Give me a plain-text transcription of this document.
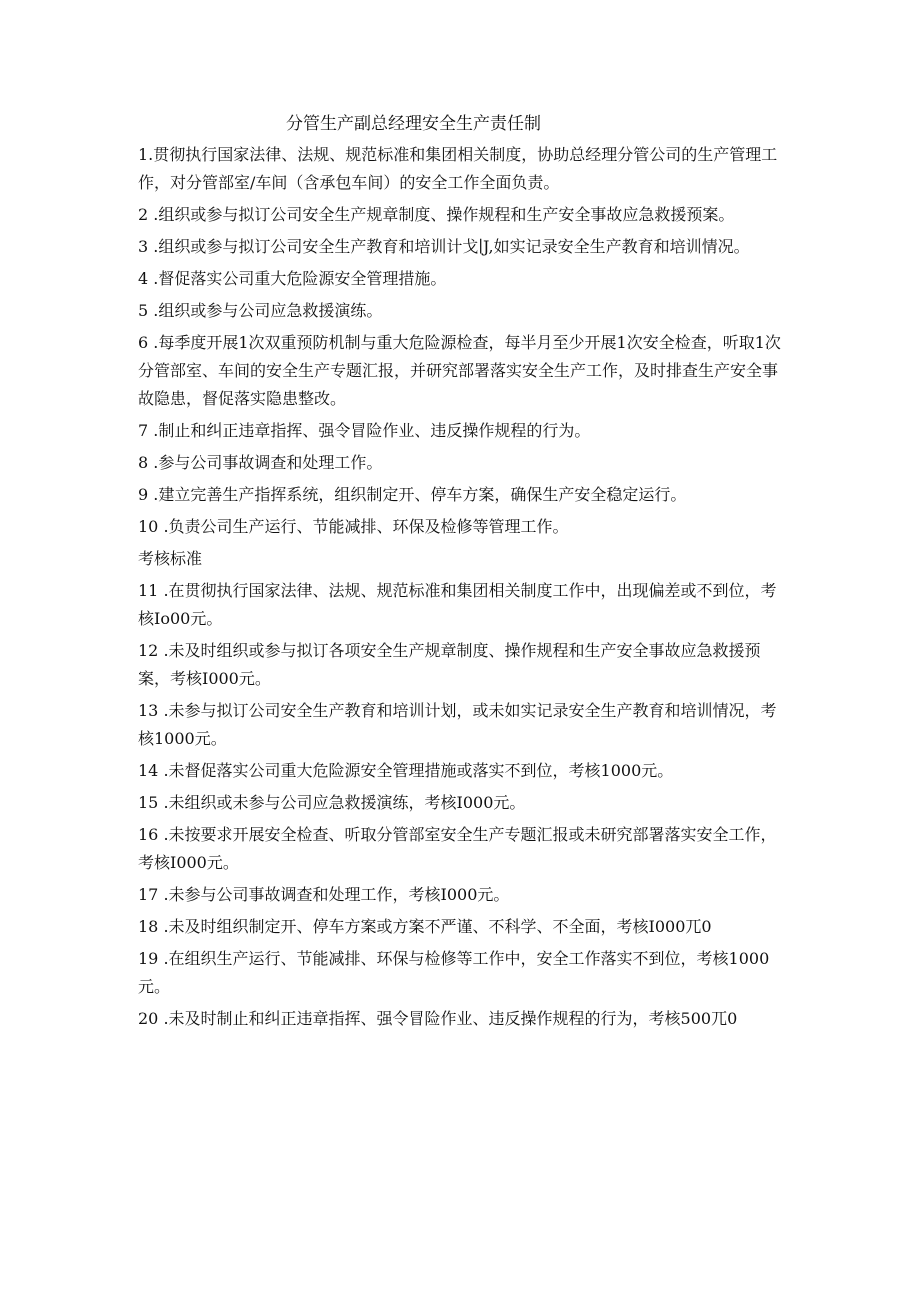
分管生产副总经理安全生产责任制

1.贯彻执行国家法律、法规、规范标准和集团相关制度，协助总经理分管公司的生产管理工作，对分管部室/车间（含承包车间）的安全工作全面负责。

2 .组织或参与拟订公司安全生产规章制度、操作规程和生产安全事故应急救援预案。

3 .组织或参与拟订公司安全生产教育和培训计戈∣J,如实记录安全生产教育和培训情况。

4 .督促落实公司重大危险源安全管理措施。

5 .组织或参与公司应急救援演练。

6 .每季度开展1次双重预防机制与重大危险源检查，每半月至少开展1次安全检查，听取1次分管部室、车间的安全生产专题汇报，并研究部署落实安全生产工作，及时排查生产安全事故隐患，督促落实隐患整改。

7 .制止和纠正违章指挥、强令冒险作业、违反操作规程的行为。

8 .参与公司事故调查和处理工作。

9 .建立完善生产指挥系统，组织制定开、停车方案，确保生产安全稳定运行。

10 .负责公司生产运行、节能减排、环保及检修等管理工作。

考核标准

11 .在贯彻执行国家法律、法规、规范标准和集团相关制度工作中，出现偏差或不到位，考核Io00元。

12 .未及时组织或参与拟订各项安全生产规章制度、操作规程和生产安全事故应急救援预案，考核I000元。

13 .未参与拟订公司安全生产教育和培训计划，或未如实记录安全生产教育和培训情况，考核1000元。

14 .未督促落实公司重大危险源安全管理措施或落实不到位，考核1000元。

15 .未组织或未参与公司应急救援演练，考核I000元。

16 .未按要求开展安全检查、听取分管部室安全生产专题汇报或未研究部署落实安全工作，考核I000元。

17 .未参与公司事故调查和处理工作，考核I000元。

18 .未及时组织制定开、停车方案或方案不严谨、不科学、不全面，考核I000兀0

19 .在组织生产运行、节能减排、环保与检修等工作中，安全工作落实不到位，考核1000元。

20 .未及时制止和纠正违章指挥、强令冒险作业、违反操作规程的行为，考核500兀0
